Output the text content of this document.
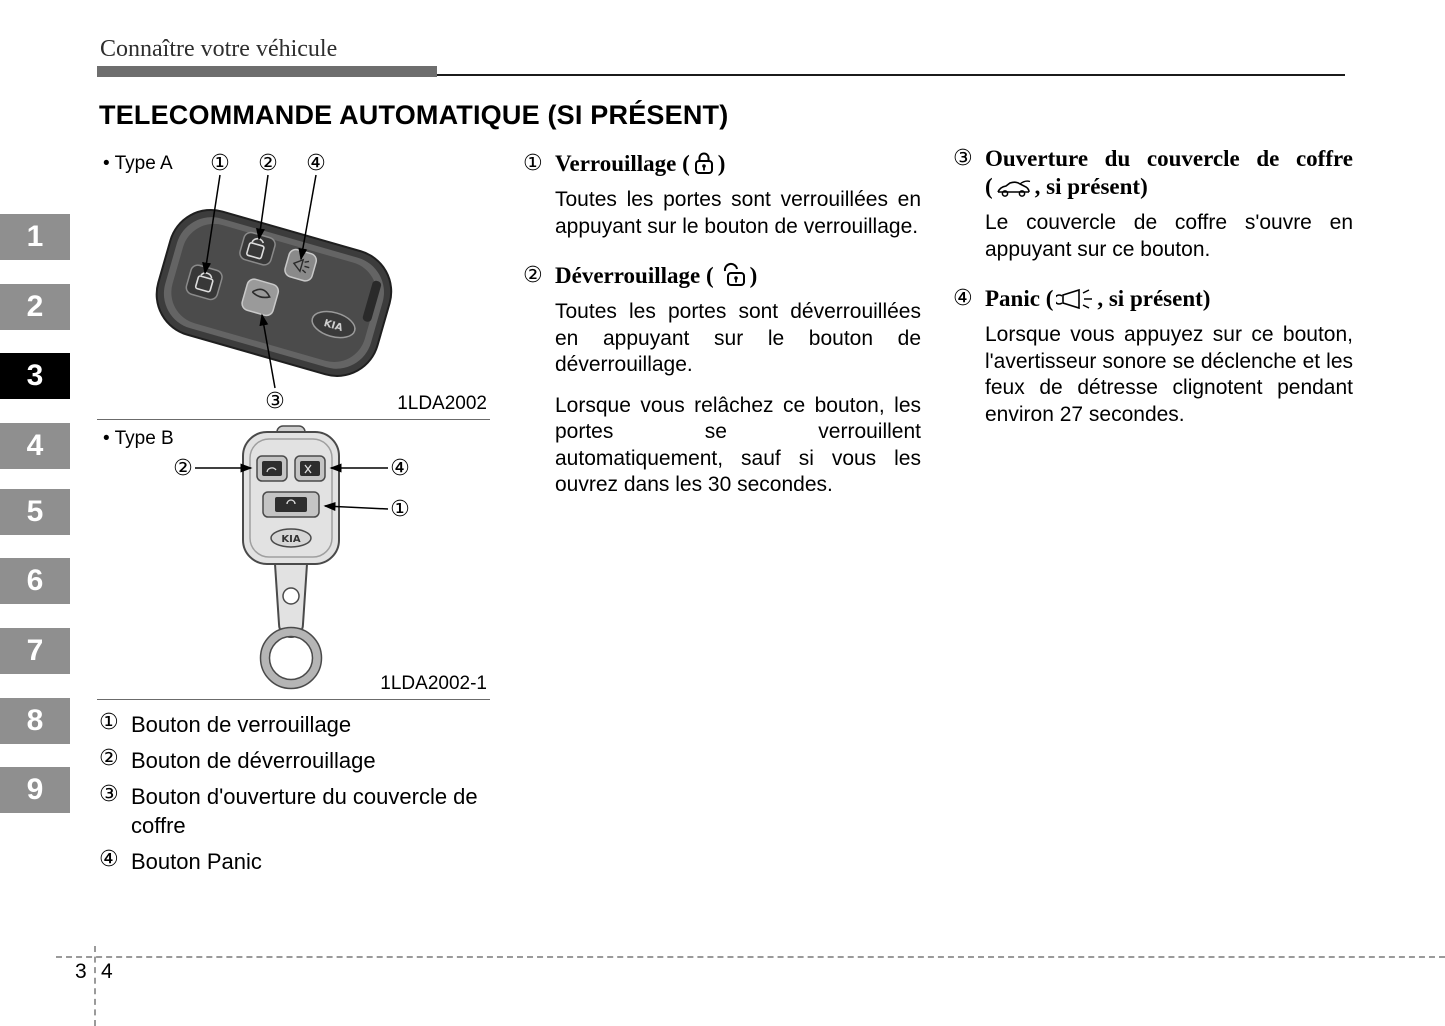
Connaître votre véhicule
TELECOMMANDE AUTOMATIQUE (SI PRÉSENT)
1
2
3
4
5
6
7
8
9
• Type A
KIA
① ② ④
③	1LDA2002
• Type B
KIA
②	④
①
1LDA2002-1
① Bouton de verrouillage
② Bouton de déverrouillage
③ Bouton d'ouverture du couvercle de coffre
④ Bouton Panic
① Verrouillage ( )

Toutes les portes sont verrouillées en appuyant sur le bouton de verrouillage.

② Déverrouillage ( )

Toutes les portes sont déverrouillées en appuyant sur le bouton de déverrouillage.

Lorsque vous relâchez ce bouton, les portes se verrouillent automatiquement, sauf si vous les ouvrez dans les 30 secondes.

③ Ouverture du couvercle de coffre
( , si présent)

Le couvercle de coffre s'ouvre en appuyant sur ce bouton.

④ Panic ( , si présent)

Lorsque vous appuyez sur ce bouton, l'avertisseur sonore se déclenche et les feux de détresse clignotent pendant environ 27 secondes.

3 4
